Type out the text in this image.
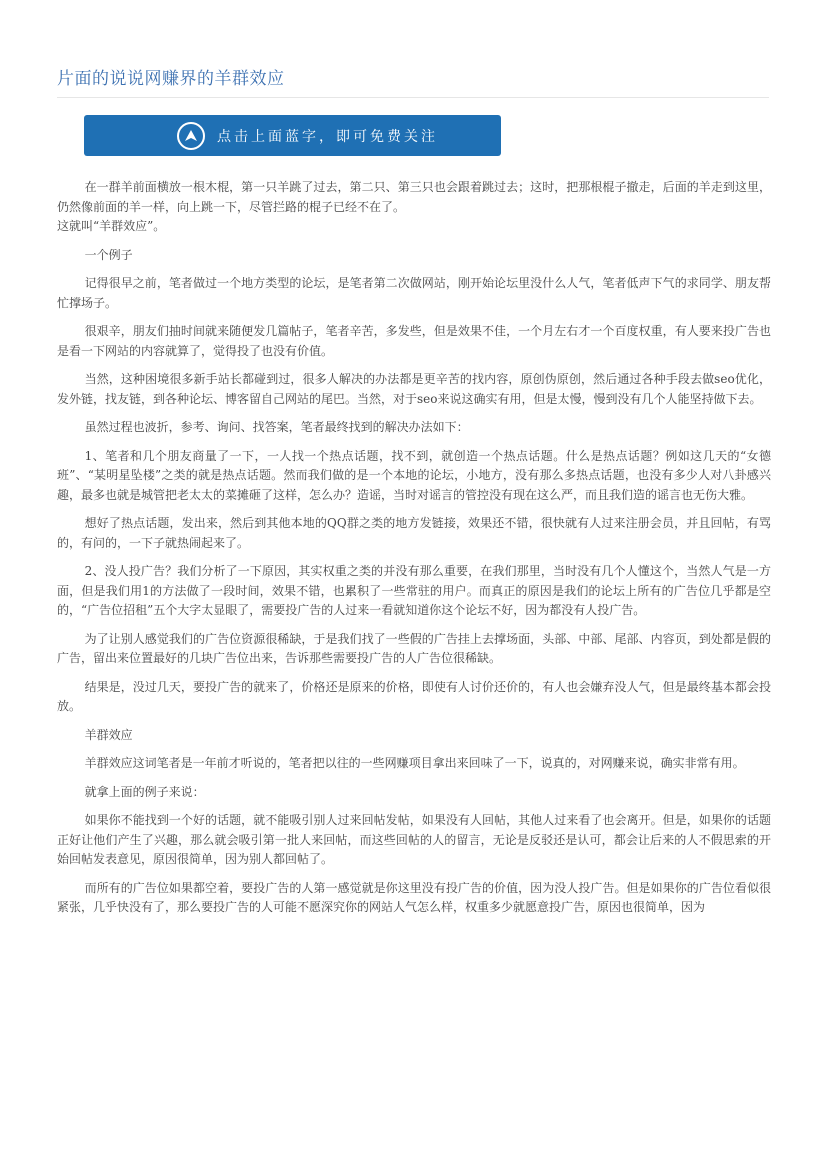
片面的说说网赚界的羊群效应
点击上面蓝字，即可免费关注

在一群羊前面横放一根木棍，第一只羊跳了过去，第二只、第三只也会跟着跳过去；这时，把那根棍子撤走，后面的羊走到这里，仍然像前面的羊一样，向上跳一下，尽管拦路的棍子已经不在了。

这就叫“羊群效应”。

一个例子

记得很早之前，笔者做过一个地方类型的论坛，是笔者第二次做网站，刚开始论坛里没什么人气，笔者低声下气的求同学、朋友帮忙撑场子。

很艰辛，朋友们抽时间就来随便发几篇帖子，笔者辛苦，多发些，但是效果不佳，一个月左右才一个百度权重，有人要来投广告也是看一下网站的内容就算了，觉得投了也没有价值。

当然，这种困境很多新手站长都碰到过，很多人解决的办法都是更辛苦的找内容，原创伪原创，然后通过各种手段去做seo优化，发外链，找友链，到各种论坛、博客留自己网站的尾巴。当然，对于seo来说这确实有用，但是太慢，慢到没有几个人能坚持做下去。

虽然过程也波折，参考、询问、找答案，笔者最终找到的解决办法如下：

1、笔者和几个朋友商量了一下，一人找一个热点话题，找不到，就创造一个热点话题。什么是热点话题？例如这几天的“女德班”、“某明星坠楼”之类的就是热点话题。然而我们做的是一个本地的论坛，小地方，没有那么多热点话题，也没有多少人对八卦感兴趣，最多也就是城管把老太太的菜摊砸了这样，怎么办？造谣，当时对谣言的管控没有现在这么严，而且我们造的谣言也无伤大雅。

想好了热点话题，发出来，然后到其他本地的QQ群之类的地方发链接，效果还不错，很快就有人过来注册会员，并且回帖，有骂的，有问的，一下子就热闹起来了。

2、没人投广告？我们分析了一下原因，其实权重之类的并没有那么重要，在我们那里，当时没有几个人懂这个，当然人气是一方面，但是我们用1的方法做了一段时间，效果不错，也累积了一些常驻的用户。而真正的原因是我们的论坛上所有的广告位几乎都是空的，“广告位招租”五个大字太显眼了，需要投广告的人过来一看就知道你这个论坛不好，因为都没有人投广告。

为了让别人感觉我们的广告位资源很稀缺，于是我们找了一些假的广告挂上去撑场面，头部、中部、尾部、内容页，到处都是假的广告，留出来位置最好的几块广告位出来，告诉那些需要投广告的人广告位很稀缺。

结果是，没过几天，要投广告的就来了，价格还是原来的价格，即使有人讨价还价的，有人也会嫌弃没人气，但是最终基本都会投放。

羊群效应

羊群效应这词笔者是一年前才听说的，笔者把以往的一些网赚项目拿出来回味了一下，说真的，对网赚来说，确实非常有用。

就拿上面的例子来说：

如果你不能找到一个好的话题，就不能吸引别人过来回帖发帖，如果没有人回帖，其他人过来看了也会离开。但是，如果你的话题正好让他们产生了兴趣，那么就会吸引第一批人来回帖，而这些回帖的人的留言，无论是反驳还是认可，都会让后来的人不假思索的开始回帖发表意见，原因很简单，因为别人都回帖了。

而所有的广告位如果都空着，要投广告的人第一感觉就是你这里没有投广告的价值，因为没人投广告。但是如果你的广告位看似很紧张，几乎快没有了，那么要投广告的人可能不愿深究你的网站人气怎么样，权重多少就愿意投广告，原因也很简单，因为
